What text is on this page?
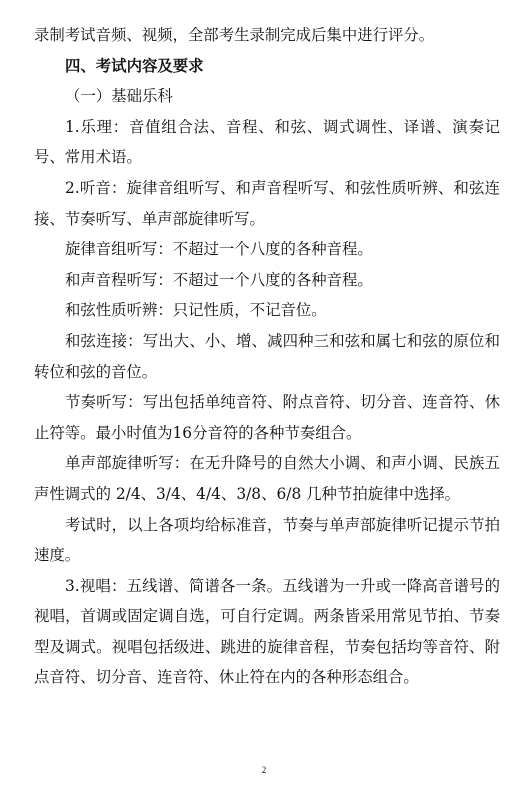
录制考试音频、视频，全部考生录制完成后集中进行评分。

四、考试内容及要求

（一）基础乐科

1.乐理：音值组合法、音程、和弦、调式调性、译谱、演奏记号、常用术语。

2.听音：旋律音组听写、和声音程听写、和弦性质听辨、和弦连接、节奏听写、单声部旋律听写。

旋律音组听写：不超过一个八度的各种音程。

和声音程听写：不超过一个八度的各种音程。

和弦性质听辨：只记性质，不记音位。

和弦连接：写出大、小、增、减四种三和弦和属七和弦的原位和转位和弦的音位。

节奏听写：写出包括单纯音符、附点音符、切分音、连音符、休止符等。最小时值为16分音符的各种节奏组合。

单声部旋律听写：在无升降号的自然大小调、和声小调、民族五声性调式的 2/4、3/4、4/4、3/8、6/8 几种节拍旋律中选择。

考试时，以上各项均给标准音，节奏与单声部旋律听记提示节拍速度。

3.视唱：五线谱、简谱各一条。五线谱为一升或一降高音谱号的视唱，首调或固定调自选，可自行定调。两条皆采用常见节拍、节奏型及调式。视唱包括级进、跳进的旋律音程，节奏包括均等音符、附点音符、切分音、连音符、休止符在内的各种形态组合。

2
